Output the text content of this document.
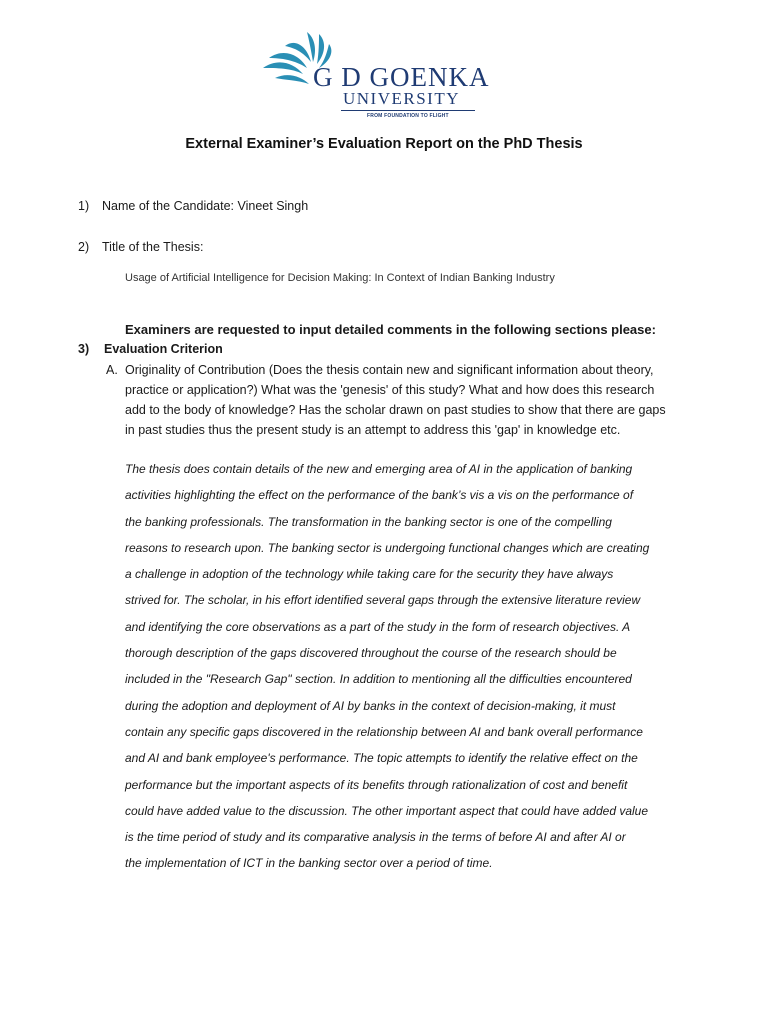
G D GOENKA
UNIVERSITY
FROM FOUNDATION TO FLIGHT
External Examiner’s Evaluation Report on the PhD Thesis
1) Name of the Candidate: Vineet Singh
2) Title of the Thesis:
Usage of Artificial Intelligence for Decision Making: In Context of Indian Banking Industry
Examiners are requested to input detailed comments in the following sections please:
3) Evaluation Criterion
A. Originality of Contribution (Does the thesis contain new and significant information about theory,
practice or application?) What was the 'genesis' of this study? What and how does this research
add to the body of knowledge? Has the scholar drawn on past studies to show that there are gaps
in past studies thus the present study is an attempt to address this 'gap' in knowledge etc.
The thesis does contain details of the new and emerging area of AI in the application of banking
activities highlighting the effect on the performance of the bank’s vis a vis on the performance of
the banking professionals. The transformation in the banking sector is one of the compelling
reasons to research upon. The banking sector is undergoing functional changes which are creating
a challenge in adoption of the technology while taking care for the security they have always
strived for. The scholar, in his effort identified several gaps through the extensive literature review
and identifying the core observations as a part of the study in the form of research objectives. A
thorough description of the gaps discovered throughout the course of the research should be
included in the "Research Gap" section. In addition to mentioning all the difficulties encountered
during the adoption and deployment of AI by banks in the context of decision-making, it must
contain any specific gaps discovered in the relationship between AI and bank overall performance
and AI and bank employee's performance. The topic attempts to identify the relative effect on the
performance but the important aspects of its benefits through rationalization of cost and benefit
could have added value to the discussion. The other important aspect that could have added value
is the time period of study and its comparative analysis in the terms of before AI and after AI or
the implementation of ICT in the banking sector over a period of time.
